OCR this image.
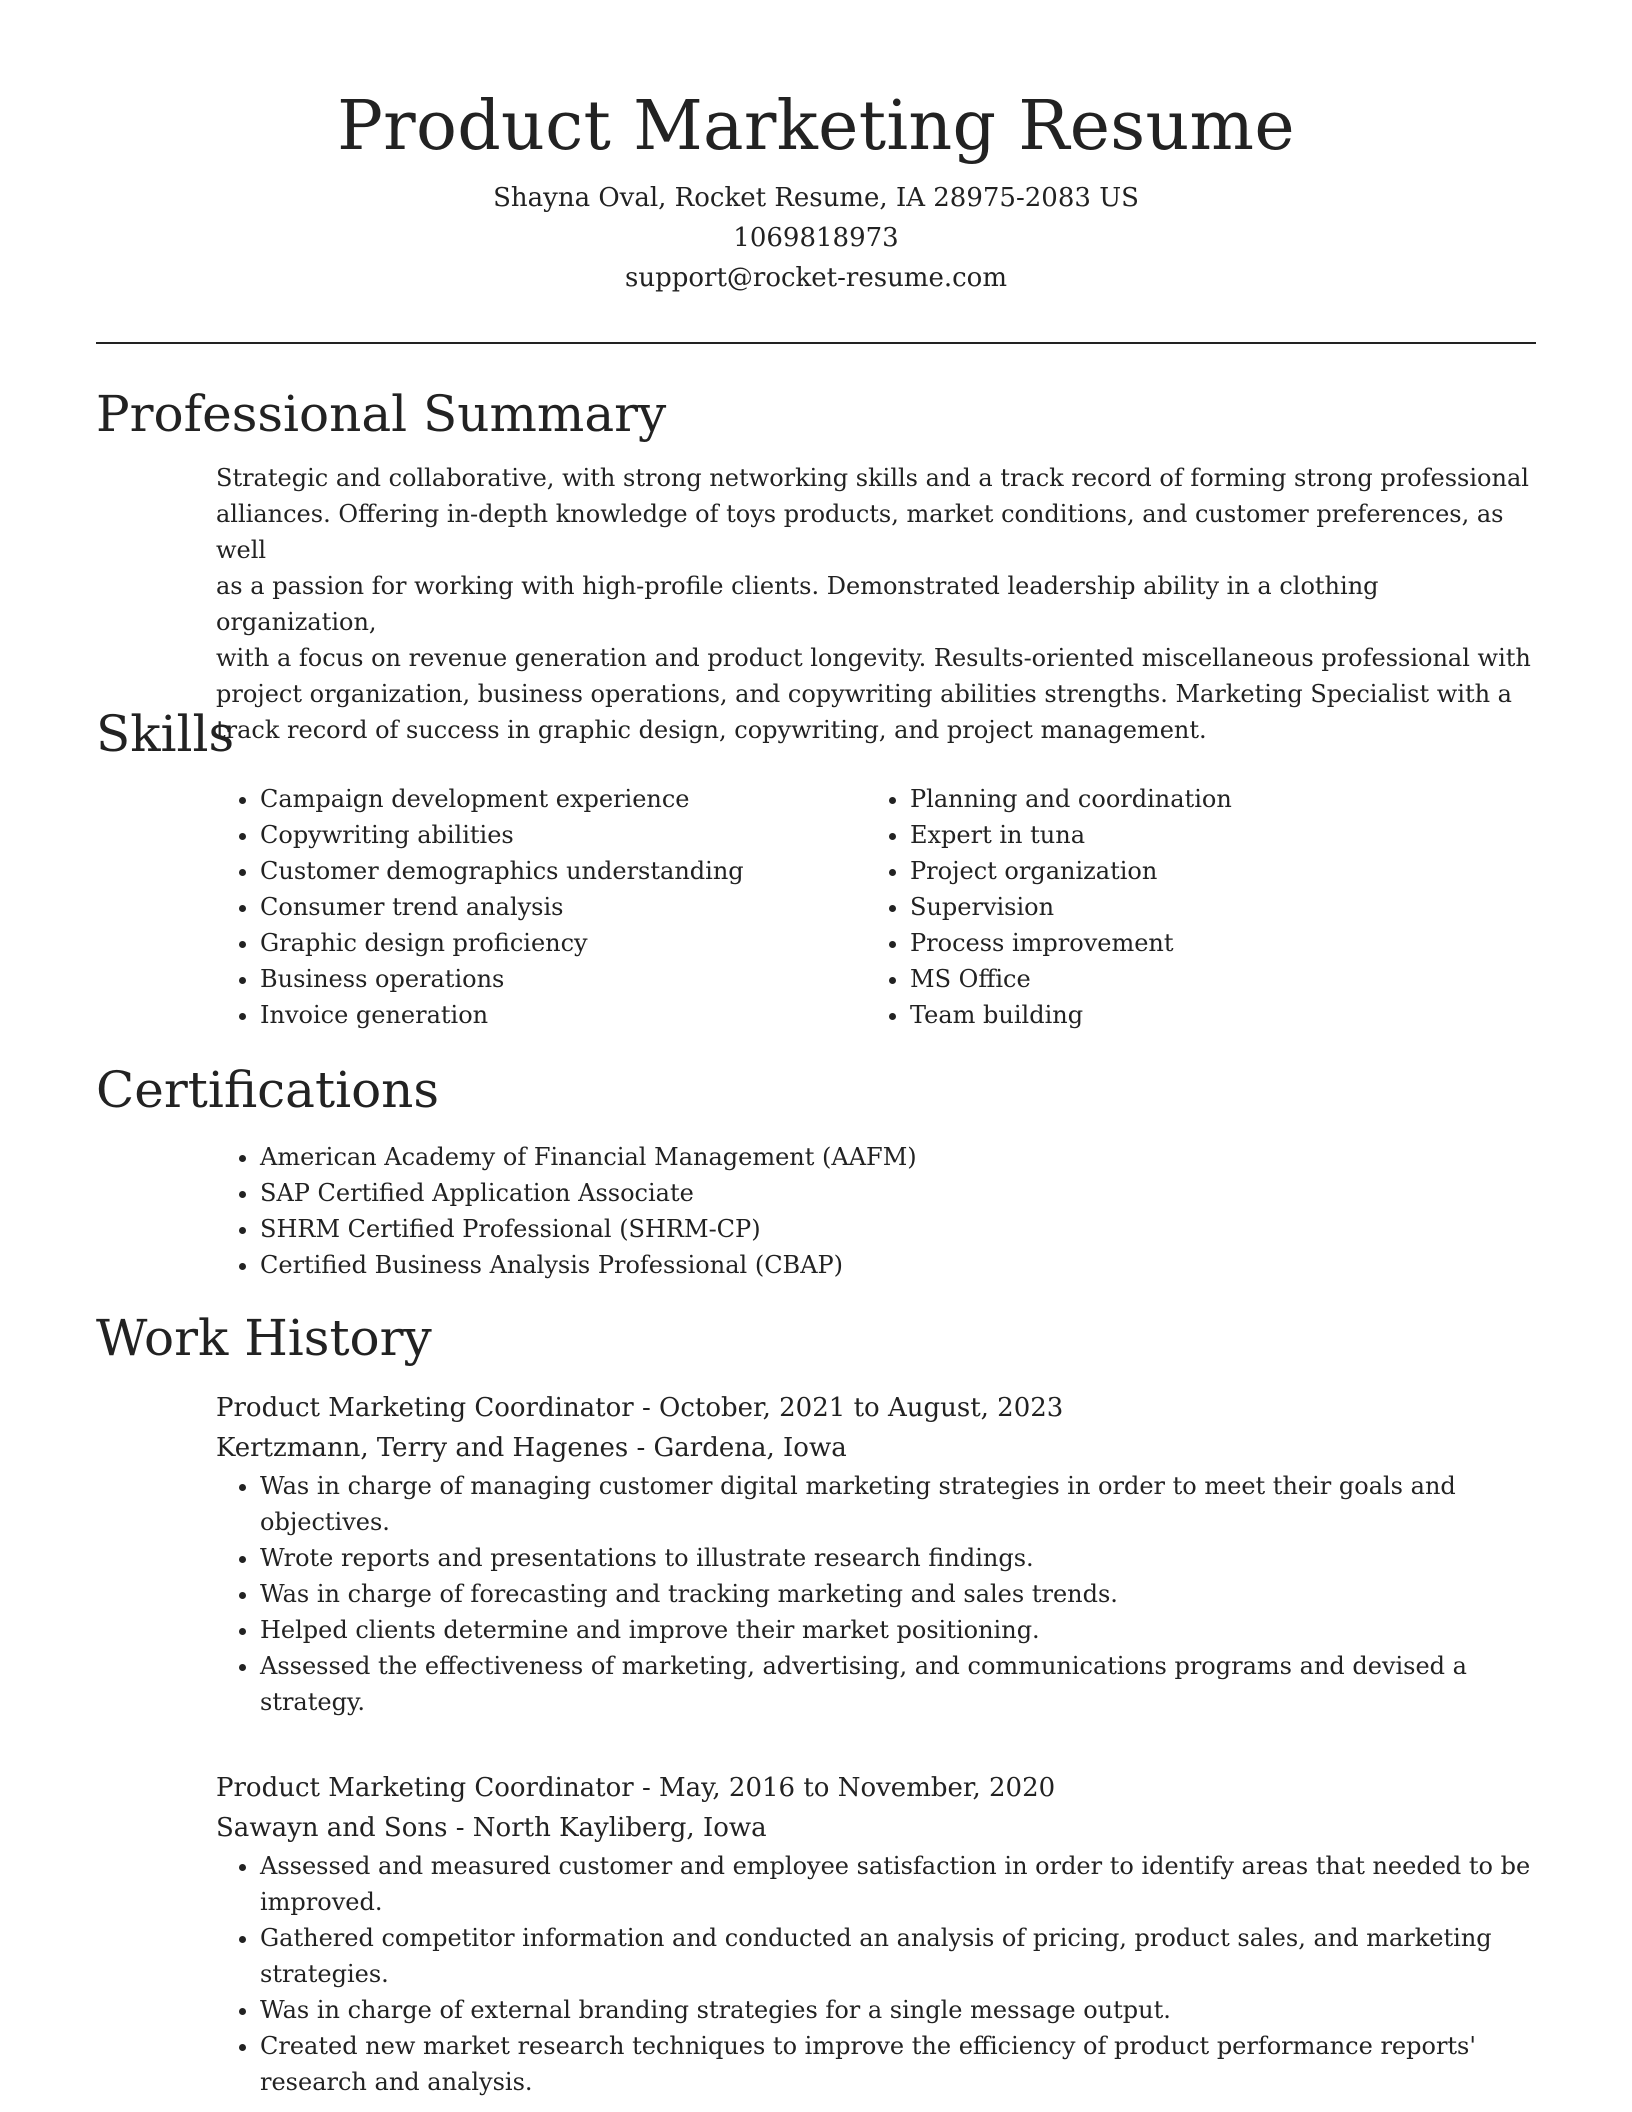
Product Marketing Resume

Shayna Oval, Rocket Resume, IA 28975-2083 US

1069818973

support@rocket-resume.com

Professional Summary

Strategic and collaborative, with strong networking skills and a track record of forming strong professional
alliances. Offering in-depth knowledge of toys products, market conditions, and customer preferences, as well
as a passion for working with high-profile clients. Demonstrated leadership ability in a clothing organization,
with a focus on revenue generation and product longevity. Results-oriented miscellaneous professional with
project organization, business operations, and copywriting abilities strengths. Marketing Specialist with a
track record of success in graphic design, copywriting, and project management.

Skills
• Campaign development experience
• Copywriting abilities
• Customer demographics understanding
• Consumer trend analysis
• Graphic design proficiency
• Business operations
• Invoice generation
• Planning and coordination
• Expert in tuna
• Project organization
• Supervision
• Process improvement
• MS Office
• Team building
Certifications
• American Academy of Financial Management (AAFM)
• SAP Certified Application Associate
• SHRM Certified Professional (SHRM-CP)
• Certified Business Analysis Professional (CBAP)
Work History

Product Marketing Coordinator - October, 2021 to August, 2023

Kertzmann, Terry and Hagenes - Gardena, Iowa

• Was in charge of managing customer digital marketing strategies in order to meet their goals and objectives.
• Wrote reports and presentations to illustrate research findings.
• Was in charge of forecasting and tracking marketing and sales trends.
• Helped clients determine and improve their market positioning.
• Assessed the effectiveness of marketing, advertising, and communications programs and devised a strategy.

Product Marketing Coordinator - May, 2016 to November, 2020

Sawayn and Sons - North Kayliberg, Iowa

• Assessed and measured customer and employee satisfaction in order to identify areas that needed to be improved.
• Gathered competitor information and conducted an analysis of pricing, product sales, and marketing strategies.
• Was in charge of external branding strategies for a single message output.
• Created new market research techniques to improve the efficiency of product performance reports' research and analysis.
